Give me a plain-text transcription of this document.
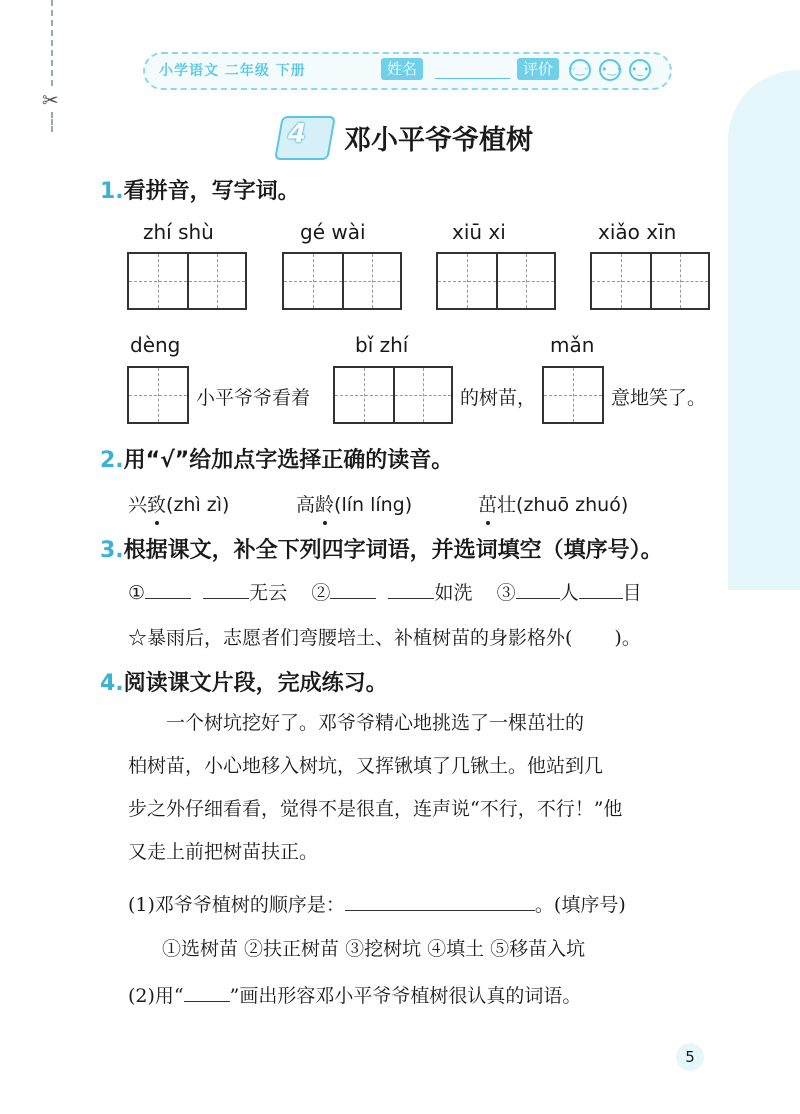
✂
小学语文 二年级 下册	姓名	评价	ᵕ‿ᵕ •‿• •_•
4 邓小平爷爷植树
1.看拼音，写字词。
zhí shù	gé wài	xiū xi	xiǎo xīn
dèng	bǐ zhí	mǎn
小平爷爷看着	的树苗，	意地笑了。
2.用“√”给加点字选择正确的读音。
兴致(zhì zì)	高龄(lín líng)	茁壮(zhuō zhuó)
3.根据课文，补全下列四字词语，并选词填空（填序号）。
①	无云 ②	如洗 ③ 人 目
☆暴雨后，志愿者们弯腰培土、补植树苗的身影格外( )。
4.阅读课文片段，完成练习。
一个树坑挖好了。邓爷爷精心地挑选了一棵茁壮的
柏树苗，小心地移入树坑，又挥锹填了几锹土。他站到几
步之外仔细看看，觉得不是很直，连声说“不行，不行！”他
又走上前把树苗扶正。
(1)邓爷爷植树的顺序是：	。(填序号)
①选树苗 ②扶正树苗 ③挖树坑 ④填土 ⑤移苗入坑
(2)用“ ”画出形容邓小平爷爷植树很认真的词语。
5
